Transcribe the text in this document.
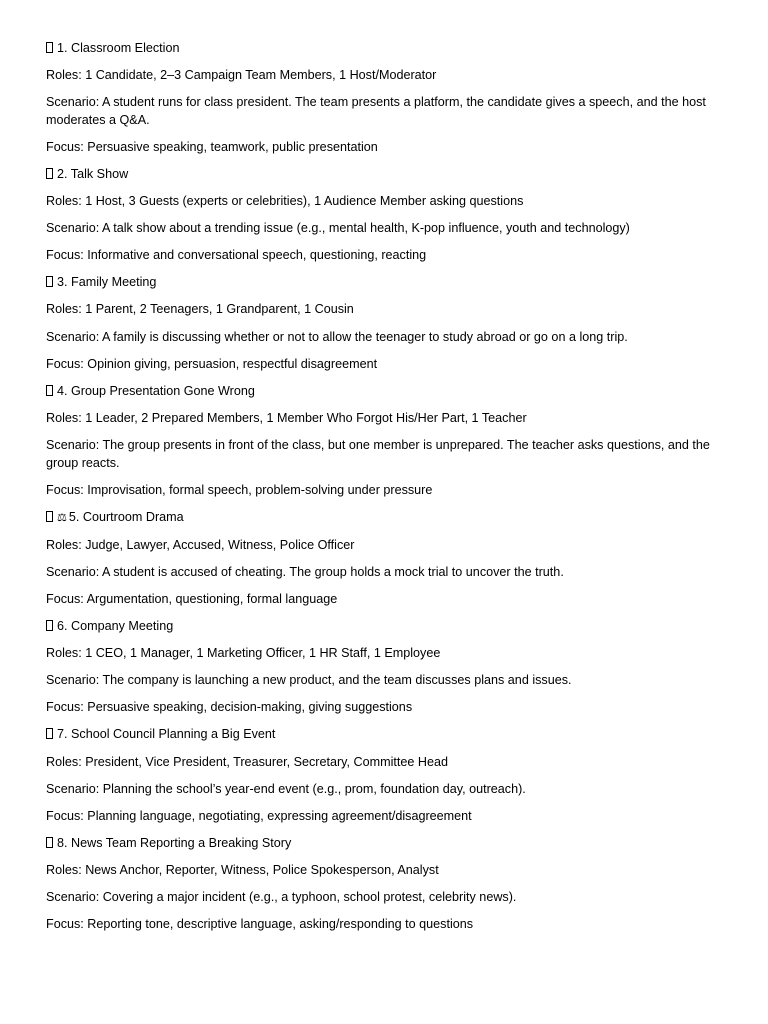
1. Classroom Election

Roles: 1 Candidate, 2–3 Campaign Team Members, 1 Host/Moderator

Scenario: A student runs for class president. The team presents a platform, the candidate gives a speech, and the host moderates a Q&A.

Focus: Persuasive speaking, teamwork, public presentation

2. Talk Show

Roles: 1 Host, 3 Guests (experts or celebrities), 1 Audience Member asking questions

Scenario: A talk show about a trending issue (e.g., mental health, K-pop influence, youth and technology)

Focus: Informative and conversational speech, questioning, reacting

3. Family Meeting

Roles: 1 Parent, 2 Teenagers, 1 Grandparent, 1 Cousin

Scenario: A family is discussing whether or not to allow the teenager to study abroad or go on a long trip.

Focus: Opinion giving, persuasion, respectful disagreement

4. Group Presentation Gone Wrong

Roles: 1 Leader, 2 Prepared Members, 1 Member Who Forgot His/Her Part, 1 Teacher

Scenario: The group presents in front of the class, but one member is unprepared. The teacher asks questions, and the group reacts.

Focus: Improvisation, formal speech, problem-solving under pressure

⚖ 5. Courtroom Drama

Roles: Judge, Lawyer, Accused, Witness, Police Officer

Scenario: A student is accused of cheating. The group holds a mock trial to uncover the truth.

Focus: Argumentation, questioning, formal language

6. Company Meeting

Roles: 1 CEO, 1 Manager, 1 Marketing Officer, 1 HR Staff, 1 Employee

Scenario: The company is launching a new product, and the team discusses plans and issues.

Focus: Persuasive speaking, decision-making, giving suggestions

7. School Council Planning a Big Event

Roles: President, Vice President, Treasurer, Secretary, Committee Head

Scenario: Planning the school’s year-end event (e.g., prom, foundation day, outreach).

Focus: Planning language, negotiating, expressing agreement/disagreement

8. News Team Reporting a Breaking Story

Roles: News Anchor, Reporter, Witness, Police Spokesperson, Analyst

Scenario: Covering a major incident (e.g., a typhoon, school protest, celebrity news).

Focus: Reporting tone, descriptive language, asking/responding to questions
